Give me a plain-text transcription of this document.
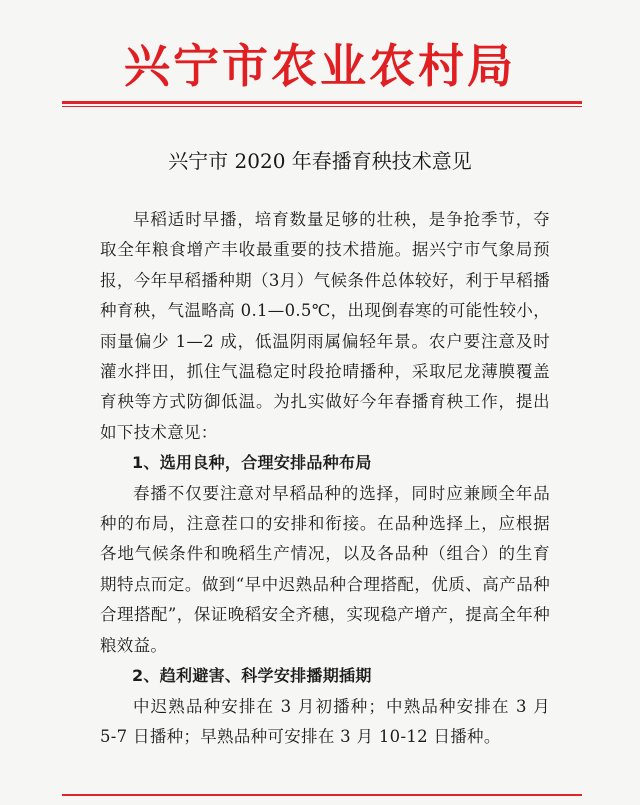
兴宁市农业农村局
兴宁市 2020 年春播育秧技术意见

早稻适时早播，培育数量足够的壮秧，是争抢季节，夺取全年粮食增产丰收最重要的技术措施。据兴宁市气象局预报，今年早稻播种期（3月）气候条件总体较好，利于早稻播种育秧，气温略高 0.1—0.5℃，出现倒春寒的可能性较小，雨量偏少 1—2 成，低温阴雨属偏轻年景。农户要注意及时灌水拌田，抓住气温稳定时段抢晴播种，采取尼龙薄膜覆盖育秧等方式防御低温。为扎实做好今年春播育秧工作，提出如下技术意见：

1、选用良种，合理安排品种布局

春播不仅要注意对早稻品种的选择，同时应兼顾全年品种的布局，注意茬口的安排和衔接。在品种选择上，应根据各地气候条件和晚稻生产情况，以及各品种（组合）的生育期特点而定。做到“早中迟熟品种合理搭配，优质、高产品种合理搭配”，保证晚稻安全齐穗，实现稳产增产，提高全年种粮效益。

2、趋利避害、科学安排播期插期

中迟熟品种安排在 3 月初播种；中熟品种安排在 3 月 5-7 日播种；早熟品种可安排在 3 月 10-12 日播种。
